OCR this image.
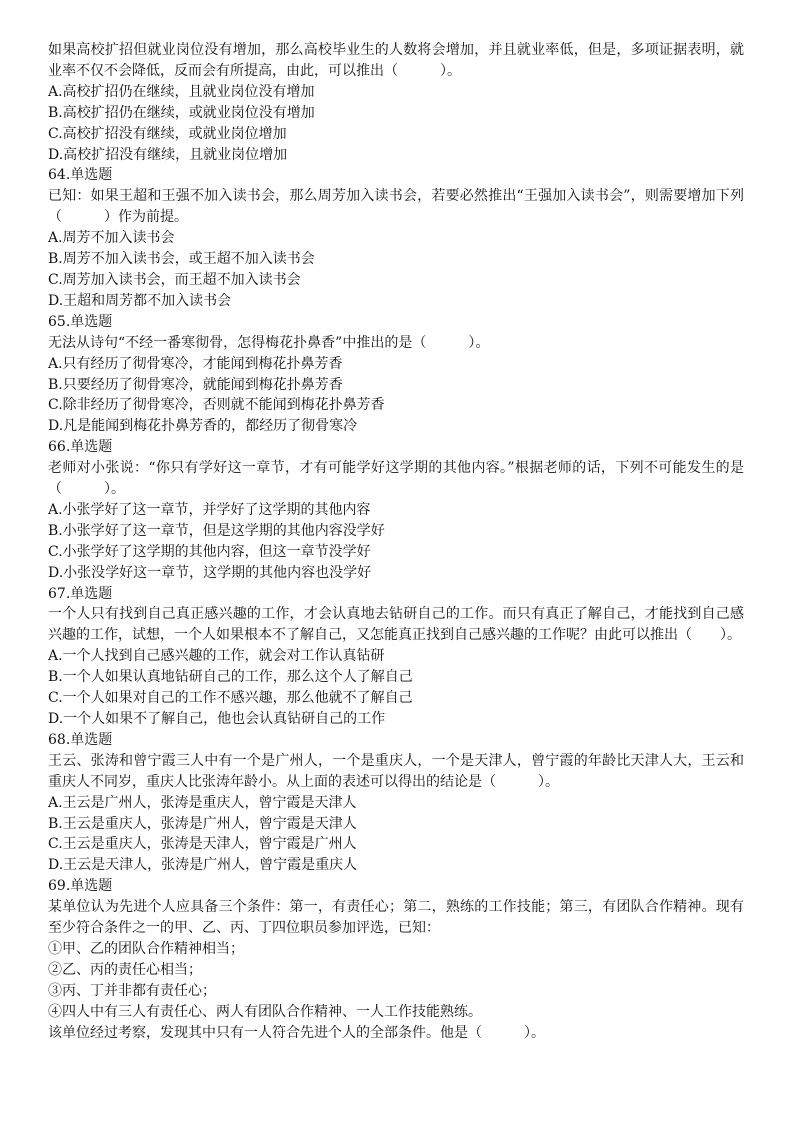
如果高校扩招但就业岗位没有增加，那么高校毕业生的人数将会增加，并且就业率低，但是，多项证据表明，就业率不仅不会降低，反而会有所提高，由此，可以推出（　　　）。
A.高校扩招仍在继续，且就业岗位没有增加
B.高校扩招仍在继续，或就业岗位没有增加
C.高校扩招没有继续，或就业岗位增加
D.高校扩招没有继续，且就业岗位增加
64.单选题
已知：如果王超和王强不加入读书会，那么周芳加入读书会，若要必然推出“王强加入读书会”，则需要增加下列（　　　）作为前提。
A.周芳不加入读书会
B.周芳不加入读书会，或王超不加入读书会
C.周芳加入读书会，而王超不加入读书会
D.王超和周芳都不加入读书会
65.单选题
无法从诗句“不经一番寒彻骨，怎得梅花扑鼻香”中推出的是（　　　）。
A.只有经历了彻骨寒冷，才能闻到梅花扑鼻芳香
B.只要经历了彻骨寒冷，就能闻到梅花扑鼻芳香
C.除非经历了彻骨寒冷，否则就不能闻到梅花扑鼻芳香
D.凡是能闻到梅花扑鼻芳香的，都经历了彻骨寒冷
66.单选题
老师对小张说：“你只有学好这一章节，才有可能学好这学期的其他内容。”根据老师的话，下列不可能发生的是（　　　）。
A.小张学好了这一章节，并学好了这学期的其他内容
B.小张学好了这一章节，但是这学期的其他内容没学好
C.小张学好了这学期的其他内容，但这一章节没学好
D.小张没学好这一章节，这学期的其他内容也没学好
67.单选题
一个人只有找到自己真正感兴趣的工作，才会认真地去钻研自己的工作。而只有真正了解自己，才能找到自己感兴趣的工作，试想，一个人如果根本不了解自己，又怎能真正找到自己感兴趣的工作呢？由此可以推出（　　）。
A.一个人找到自己感兴趣的工作，就会对工作认真钻研
B.一个人如果认真地钻研自己的工作，那么这个人了解自己
C.一个人如果对自己的工作不感兴趣，那么他就不了解自己
D.一个人如果不了解自己，他也会认真钻研自己的工作
68.单选题
王云、张涛和曾宁霞三人中有一个是广州人，一个是重庆人，一个是天津人，曾宁霞的年龄比天津人大，王云和重庆人不同岁，重庆人比张涛年龄小。从上面的表述可以得出的结论是（　　　）。
A.王云是广州人，张涛是重庆人，曾宁霞是天津人
B.王云是重庆人，张涛是广州人，曾宁霞是天津人
C.王云是重庆人，张涛是天津人，曾宁霞是广州人
D.王云是天津人，张涛是广州人，曾宁霞是重庆人
69.单选题
某单位认为先进个人应具备三个条件：第一，有责任心；第二，熟练的工作技能；第三，有团队合作精神。现有至少符合条件之一的甲、乙、丙、丁四位职员参加评选，已知：
①甲、乙的团队合作精神相当；
②乙、丙的责任心相当；
③丙、丁并非都有责任心；
④四人中有三人有责任心、两人有团队合作精神、一人工作技能熟练。
该单位经过考察，发现其中只有一人符合先进个人的全部条件。他是（　　　）。
